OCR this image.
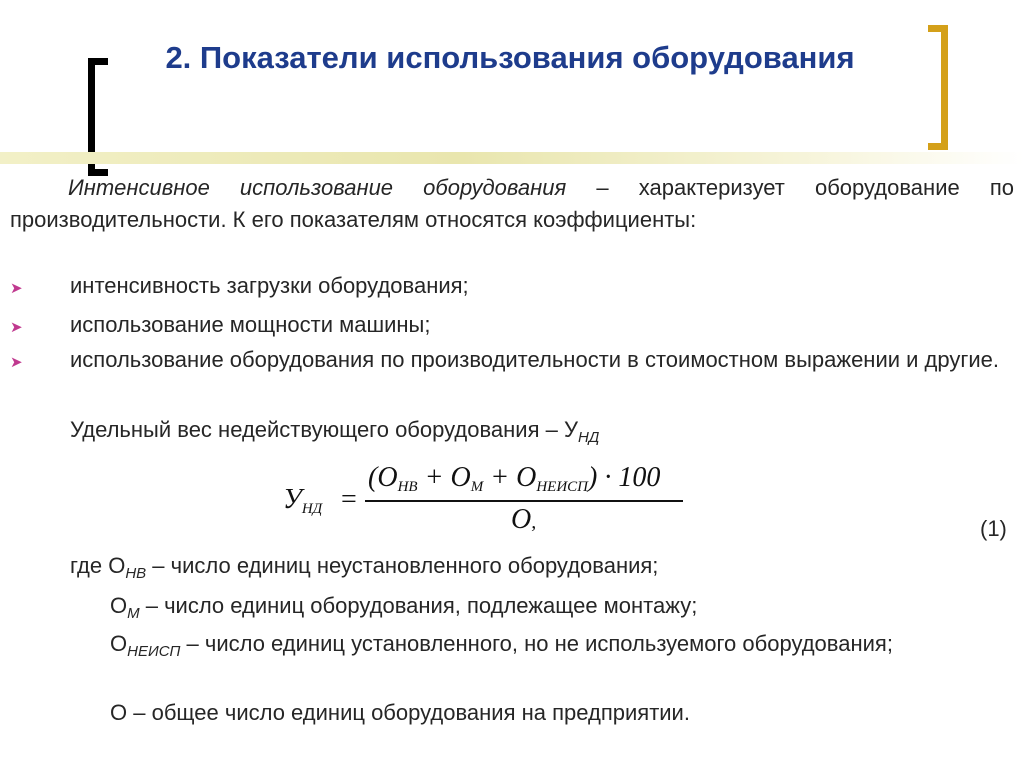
2. Показатели использования оборудования
Интенсивное использование оборудования – характеризует оборудование по производительности. К его показателям относятся коэффициенты:
➤ интенсивность загрузки оборудования;
➤ использование мощности машины;
➤	использование оборудования по производительности в стоимостном выражении и другие.
Удельный вес недействующего оборудования – $У_{НД}$
$У_{НД}$ =
$(О_{НВ} + О_М + О_{НЕИСП}) \cdot 100$
О,	(1)
где $О_{НВ}$ – число единиц неустановленного оборудования;
$О_М$ – число единиц оборудования, подлежащее монтажу;
$О_{НЕИСП}$ – число единиц установленного, но не используемого оборудования;
О – общее число единиц оборудования на предприятии.
